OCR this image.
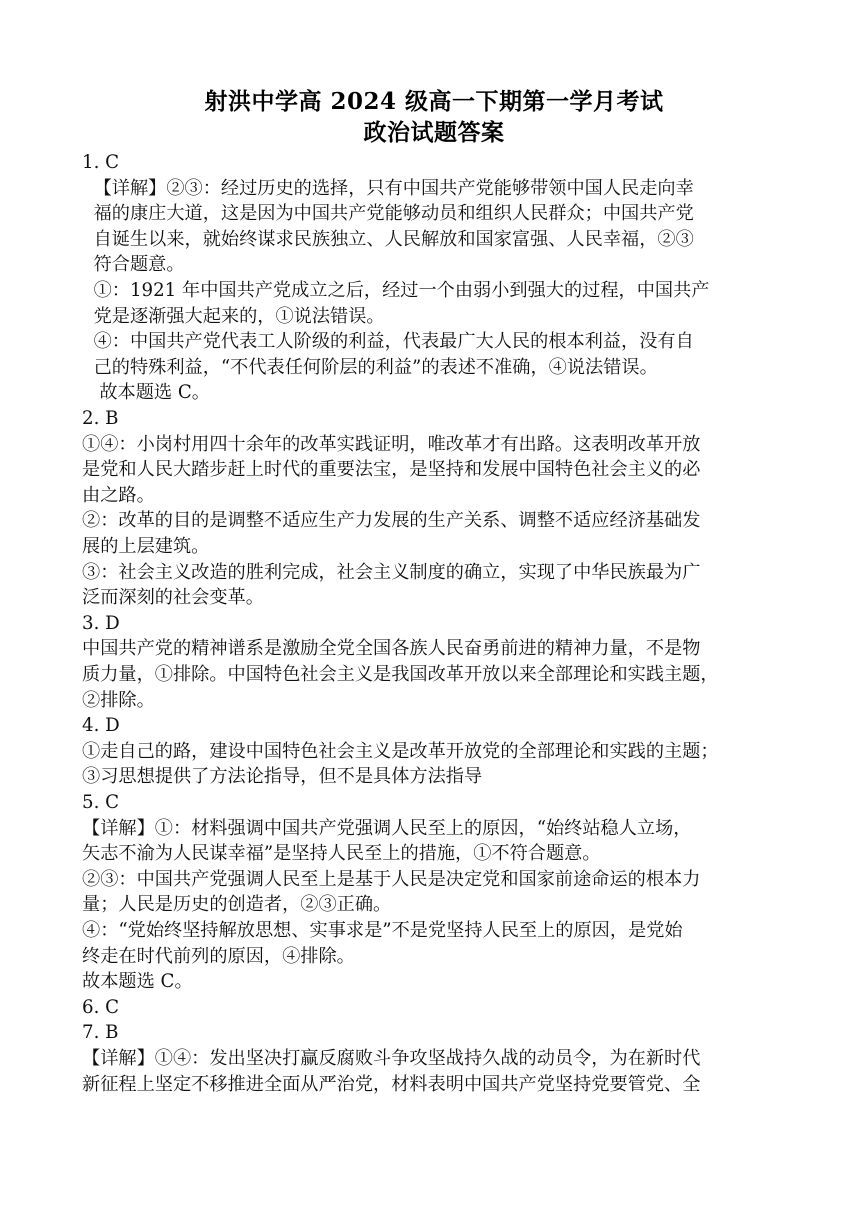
射洪中学高 2024 级高一下期第一学月考试
政治试题答案
1. C
【详解】②③：经过历史的选择，只有中国共产党能够带领中国人民走向幸
福的康庄大道，这是因为中国共产党能够动员和组织人民群众；中国共产党
自诞生以来，就始终谋求民族独立、人民解放和国家富强、人民幸福，②③
符合题意。
①：1921 年中国共产党成立之后，经过一个由弱小到强大的过程，中国共产
党是逐渐强大起来的，①说法错误。
④：中国共产党代表工人阶级的利益，代表最广大人民的根本利益，没有自
己的特殊利益，“不代表任何阶层的利益”的表述不准确，④说法错误。
故本题选 C。
2. B
①④：小岗村用四十余年的改革实践证明，唯改革才有出路。这表明改革开放
是党和人民大踏步赶上时代的重要法宝，是坚持和发展中国特色社会主义的必
由之路。
②：改革的目的是调整不适应生产力发展的生产关系、调整不适应经济基础发
展的上层建筑。
③：社会主义改造的胜利完成，社会主义制度的确立，实现了中华民族最为广
泛而深刻的社会变革。
3. D
中国共产党的精神谱系是激励全党全国各族人民奋勇前进的精神力量，不是物
质力量，①排除。中国特色社会主义是我国改革开放以来全部理论和实践主题，
②排除。
4. D
①走自己的路，建设中国特色社会主义是改革开放党的全部理论和实践的主题；
③习思想提供了方法论指导，但不是具体方法指导
5. C
【详解】①：材料强调中国共产党强调人民至上的原因，“始终站稳人立场，
矢志不渝为人民谋幸福”是坚持人民至上的措施，①不符合题意。
②③：中国共产党强调人民至上是基于人民是决定党和国家前途命运的根本力
量；人民是历史的创造者，②③正确。
④：“党始终坚持解放思想、实事求是”不是党坚持人民至上的原因，是党始
终走在时代前列的原因，④排除。
故本题选 C。
6. C
7. B
【详解】①④：发出坚决打赢反腐败斗争攻坚战持久战的动员令，为在新时代
新征程上坚定不移推进全面从严治党，材料表明中国共产党坚持党要管党、全
